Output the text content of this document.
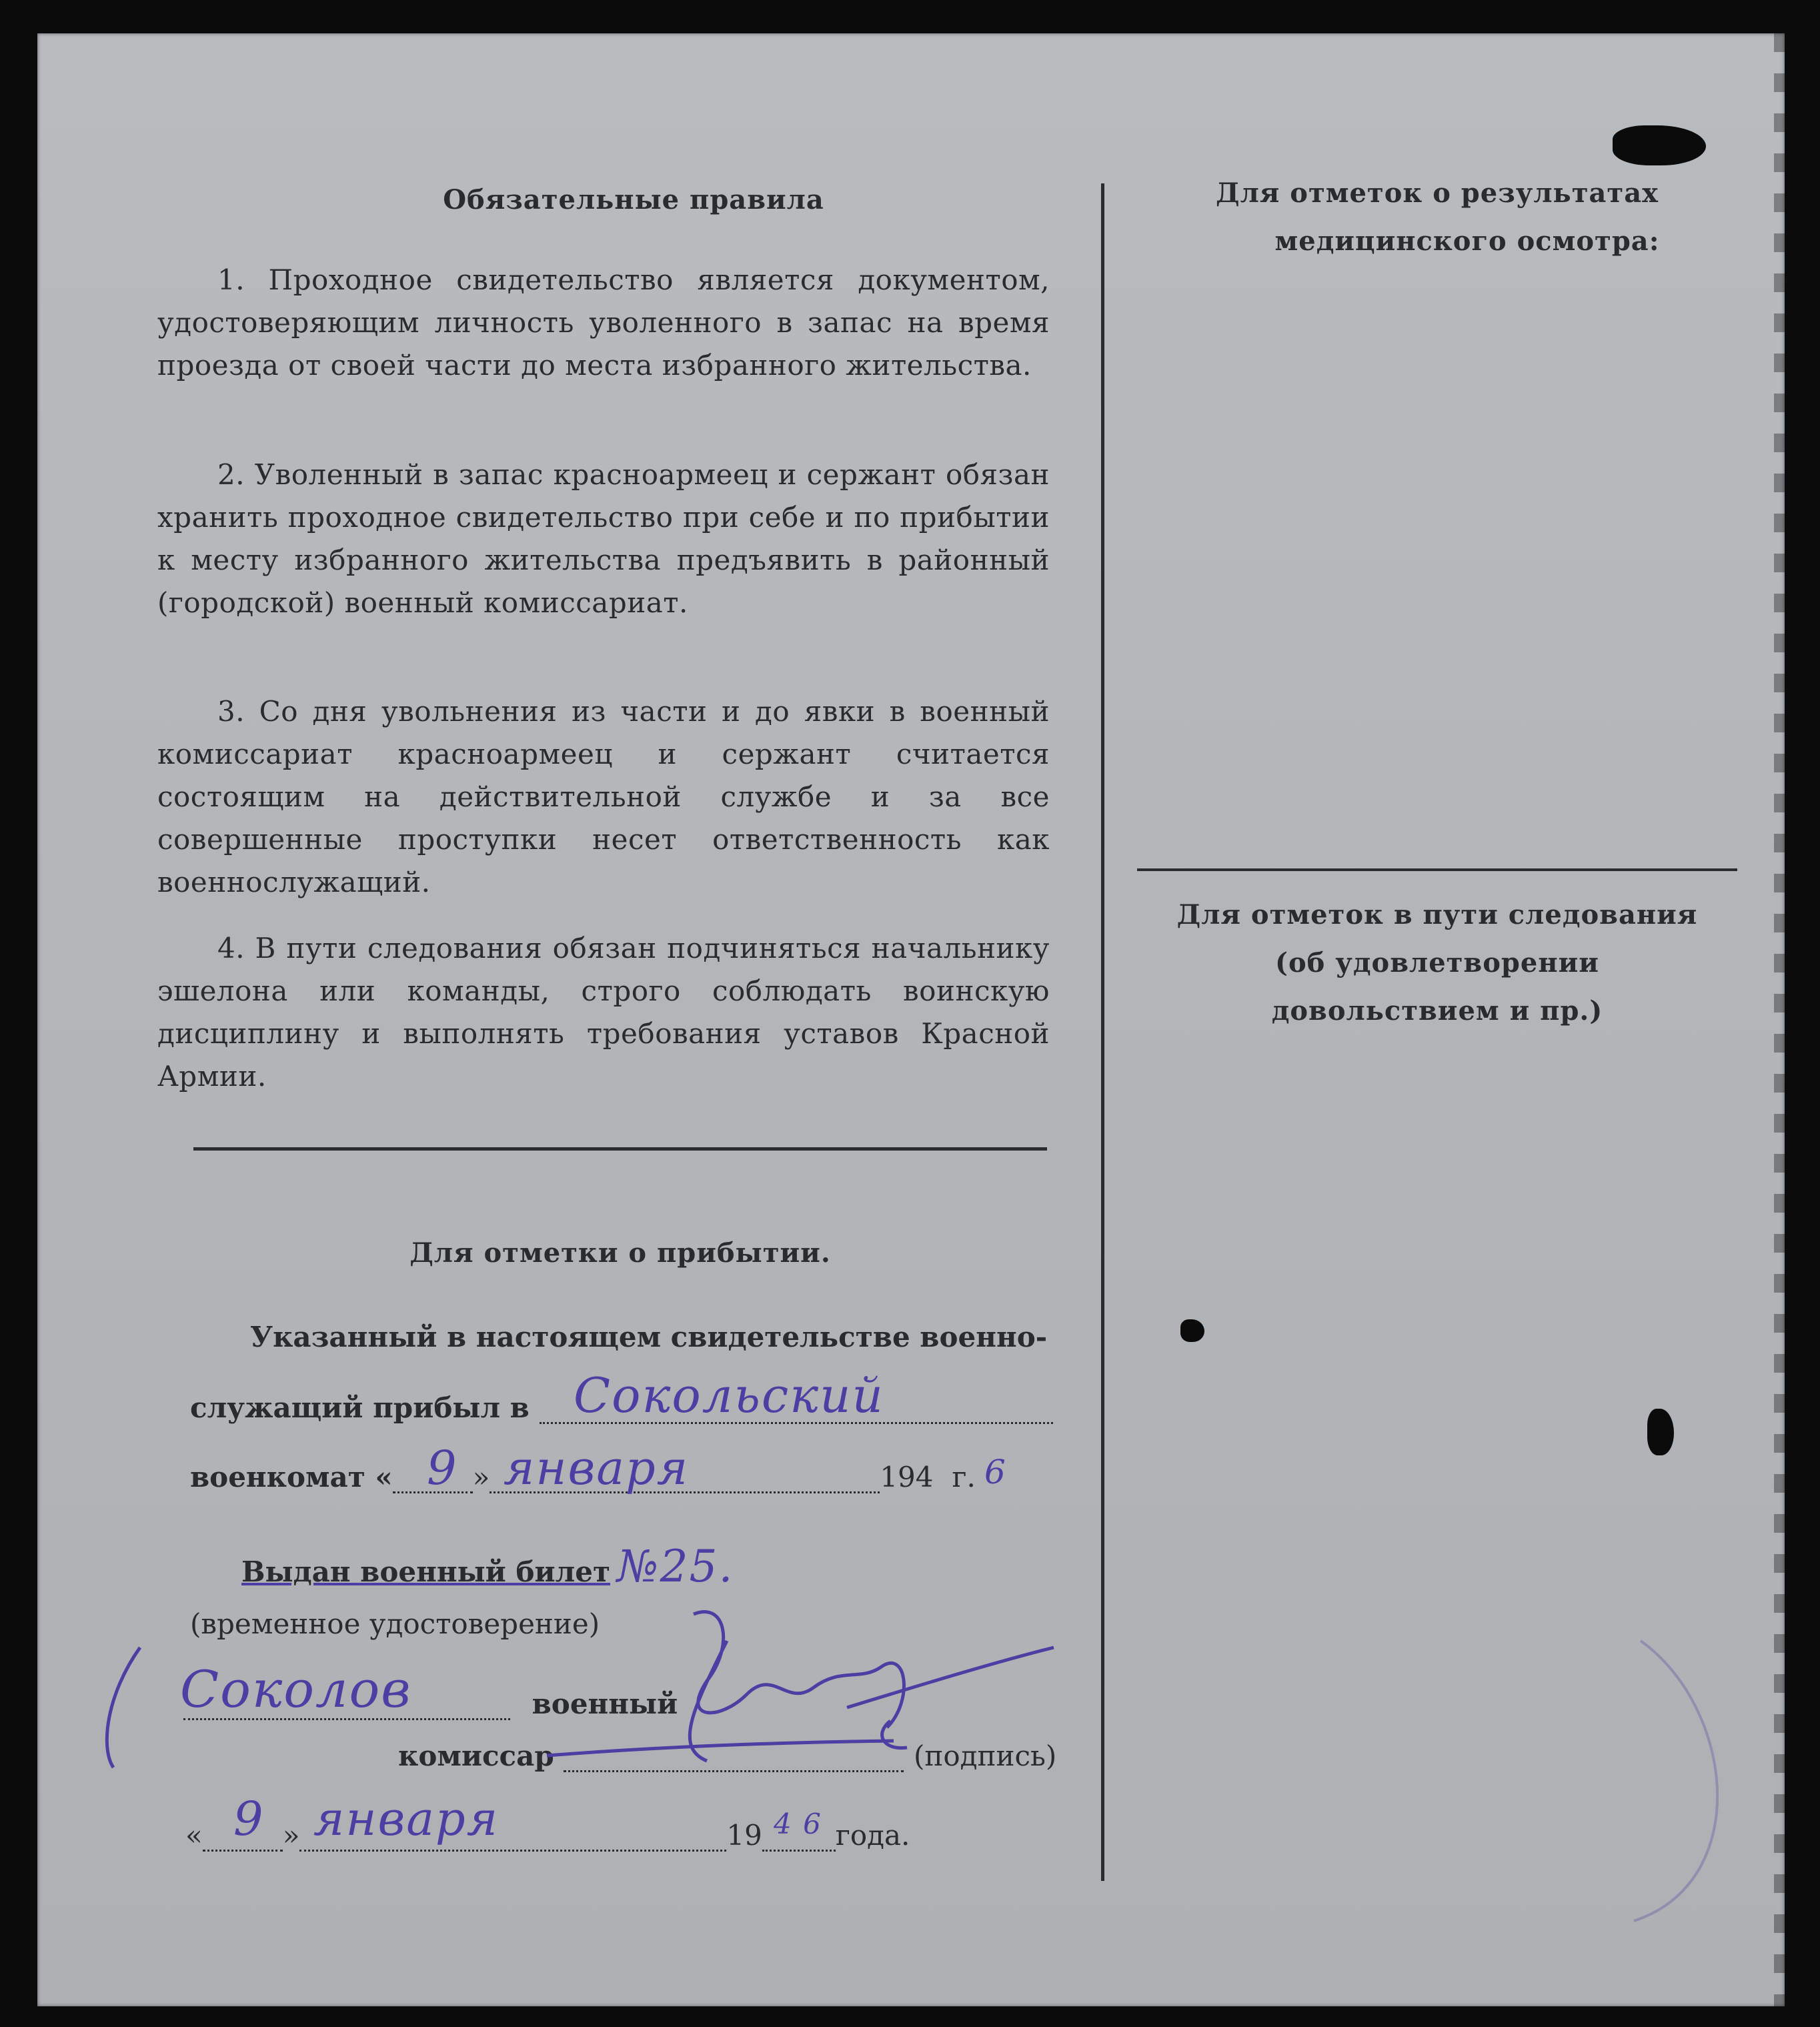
Обязательные правила
1. Проходное свидетельство является документом, удостоверяющим личность уволенного в запас на время проезда от своей части до места избранного жительства.
2. Уволенный в запас красноармеец и сержант обязан хранить проходное свидетельство при себе и по прибытии к месту избранного жительства предъявить в районный (городской) военный комиссариат.
3. Со дня увольнения из части и до явки в военный комиссариат красноармеец и сержант считается состоящим на действительной службе и за все совершенные проступки несет ответственность как военнослужащий.
4. В пути следования обязан подчиняться начальнику эшелона или команды, строго соблюдать воинскую дисциплину и выполнять требования уставов Красной Армии.
Для отметок о результатах
медицинского осмотра:
Для отметок в пути следования
(об удовлетворении
довольствием и пр.)
Для отметки о прибытии.
Указанный в настоящем свидетельстве военно-
служащий прибыл в Сокольский
военкомат «	»	194 г.
9 января	6
Выдан военный билет №25.
(временное удостоверение)
военный
Соколов
комиссар	(подпись)
«	»	19	года.
9 января	4 6
